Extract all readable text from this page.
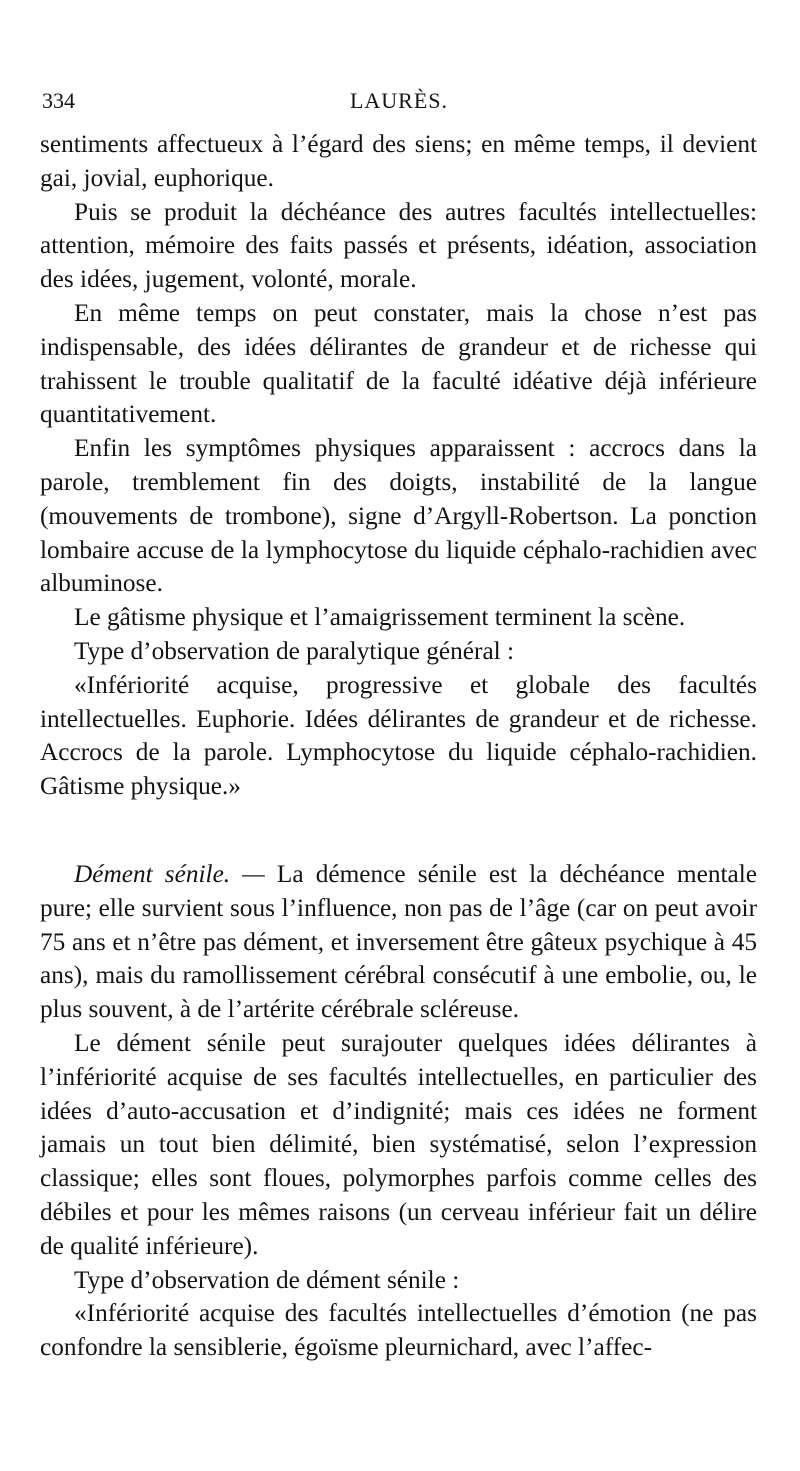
334	LAURÈS.

sentiments affectueux à l’égard des siens; en même temps, il devient gai, jovial, euphorique.

Puis se produit la déchéance des autres facultés intellectuelles: attention, mémoire des faits passés et présents, idéation, association des idées, jugement, volonté, morale.

En même temps on peut constater, mais la chose n’est pas indispensable, des idées délirantes de grandeur et de richesse qui trahissent le trouble qualitatif de la faculté idéative déjà inférieure quantitativement.

Enfin les symptômes physiques apparaissent : accrocs dans la parole, tremblement fin des doigts, instabilité de la langue (mouvements de trombone), signe d’Argyll-Robertson. La ponction lombaire accuse de la lymphocytose du liquide céphalo-rachidien avec albuminose.

Le gâtisme physique et l’amaigrissement terminent la scène.

Type d’observation de paralytique général :

«Infériorité acquise, progressive et globale des facultés intellectuelles. Euphorie. Idées délirantes de grandeur et de richesse. Accrocs de la parole. Lymphocytose du liquide céphalo-rachidien. Gâtisme physique.»

Dément sénile. — La démence sénile est la déchéance mentale pure; elle survient sous l’influence, non pas de l’âge (car on peut avoir 75 ans et n’être pas dément, et inversement être gâteux psychique à 45 ans), mais du ramollissement cérébral consécutif à une embolie, ou, le plus souvent, à de l’artérite cérébrale scléreuse.

Le dément sénile peut surajouter quelques idées délirantes à l’infériorité acquise de ses facultés intellectuelles, en particulier des idées d’auto-accusation et d’indignité; mais ces idées ne forment jamais un tout bien délimité, bien systématisé, selon l’expression classique; elles sont floues, polymorphes parfois comme celles des débiles et pour les mêmes raisons (un cerveau inférieur fait un délire de qualité inférieure).

Type d’observation de dément sénile :

«Infériorité acquise des facultés intellectuelles d’émotion (ne pas confondre la sensiblerie, égoïsme pleurnichard, avec l’affec-
